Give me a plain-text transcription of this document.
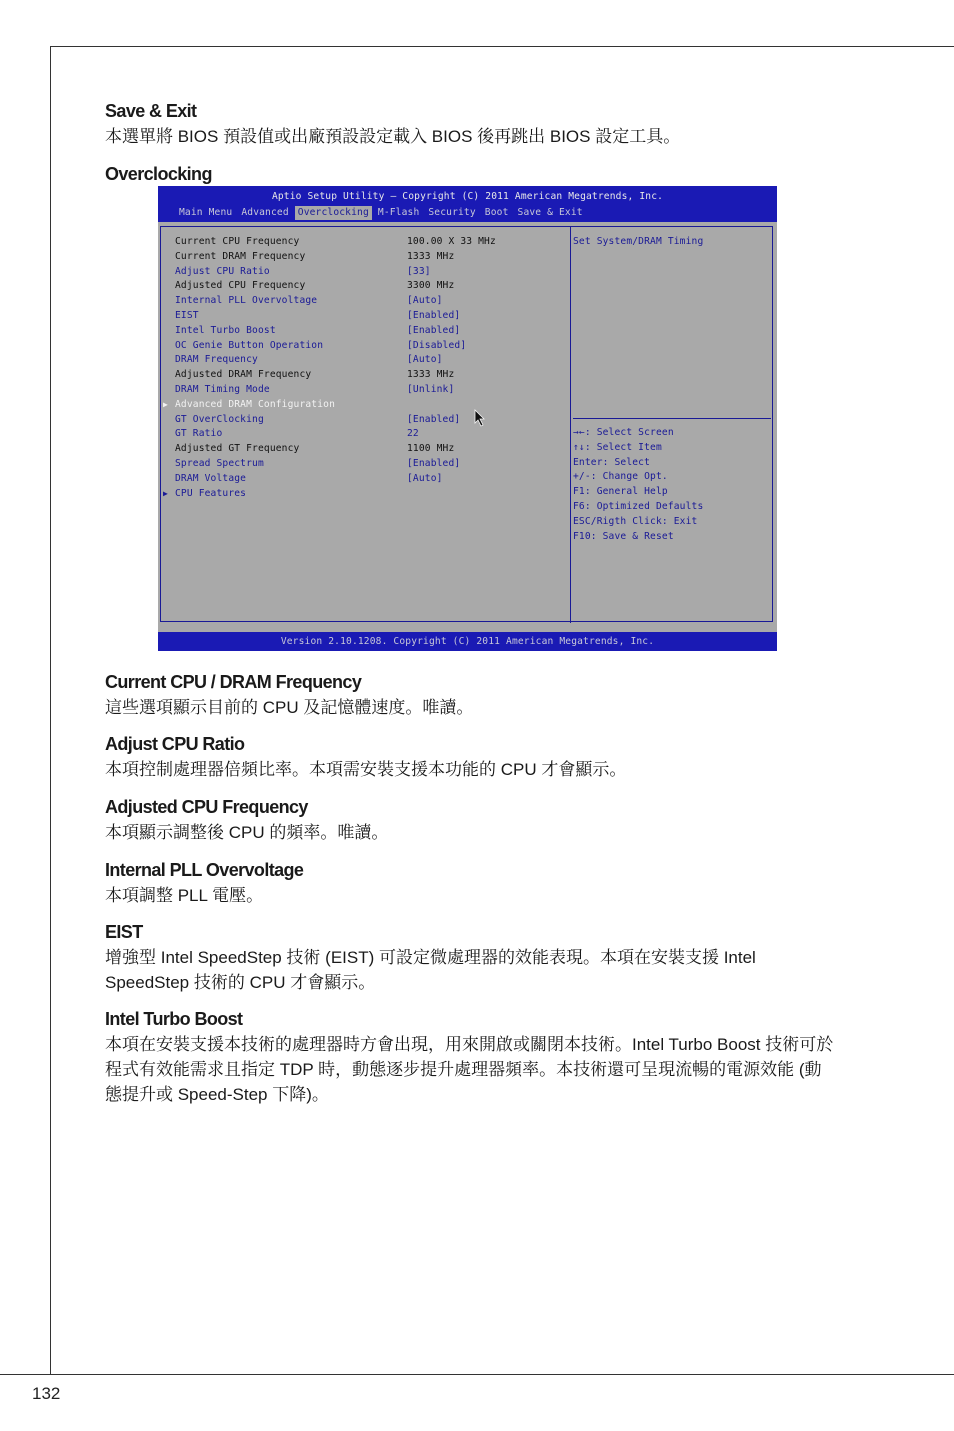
132
Save & Exit

本選單將 BIOS 預設值或出廠預設設定載入 BIOS 後再跳出 BIOS 設定工具。

Overclocking
Aptio Setup Utility – Copyright (C) 2011 American Megatrends, Inc.
Main Menu Advanced Overclocking M-Flash Security Boot Save & Exit
Current CPU Frequency	100.00 X 33 MHz
Current DRAM Frequency	1333 MHz
Adjust CPU Ratio	[33]
Adjusted CPU Frequency	3300 MHz
Internal PLL Overvoltage	[Auto]
EIST	[Enabled]
Intel Turbo Boost	[Enabled]
OC Genie Button Operation	[Disabled]
DRAM Frequency	[Auto]
Adjusted DRAM Frequency	1333 MHz
DRAM Timing Mode	[Unlink]
▶ Advanced DRAM Configuration
GT OverClocking	[Enabled]
GT Ratio	22
Adjusted GT Frequency	1100 MHz
Spread Spectrum	[Enabled]
DRAM Voltage	[Auto]
▶ CPU Features
Set System/DRAM Timing
→←: Select Screen
↑↓: Select Item
Enter: Select
+/-: Change Opt.
F1: General Help
F6: Optimized Defaults
ESC/Rigth Click: Exit
F10: Save & Reset
Version 2.10.1208. Copyright (C) 2011 American Megatrends, Inc.
Current CPU / DRAM Frequency

這些選項顯示目前的 CPU 及記憶體速度。唯讀。

Adjust CPU Ratio

本項控制處理器倍頻比率。本項需安裝支援本功能的 CPU 才會顯示。

Adjusted CPU Frequency

本項顯示調整後 CPU 的頻率。唯讀。

Internal PLL Overvoltage

本項調整 PLL 電壓。

EIST

增強型 Intel SpeedStep 技術 (EIST) 可設定微處理器的效能表現。本項在安裝支援 Intel SpeedStep 技術的 CPU 才會顯示。

Intel Turbo Boost

本項在安裝支援本技術的處理器時方會出現，用來開啟或關閉本技術。Intel Turbo Boost 技術可於程式有效能需求且指定 TDP 時，動態逐步提升處理器頻率。本技術還可呈現流暢的電源效能 (動態提升或 Speed-Step 下降)。
